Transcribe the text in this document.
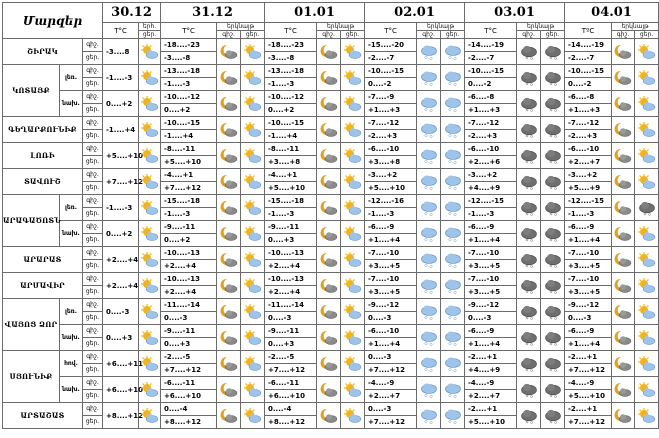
Մարզեր			30.12		31.12			01.01			02.01			03.01			04.01		
			T°C	երհ.	T°C	երկնայթ		T°C	երկնայթ		T°C	երկնայթ		T°C	երկնայթ		TºC	երկնայթ	
				ցեր.		գիշ.	ցեր.		գիշ.	ցեր.		գիշ.	ցեր.		գիշ.	ցեր.		գիշ.	ցեր.
ՇԻՐԱԿ		գիշ.	-3....8		-18....-23			-18....-23			-15....-20			-14....-19			-14....-19	

		ցեր.			-3....-8			-3....-8			-2....-7			-2....-7			-2....-7		
ԿՈՏԱՅՔ	լեռ.	գիշ.	-1....-3		-13....-18			-13....-18			-10....-15			-10....-15			-10....-15	

		ցեր.			-1....-3			-1....-3			0....-2			0....-2			0....-2		
	նախ.	գիշ.	0....+2		-10....-12			-10....-12			-7....-9			-6....-8			-6....-8	

		ցեր.			0....+2			0....+2			+1....+3			+1....+3			+1....+3		
ԳԵՂԱՐՔՈՒՆԻՔ		գիշ.	-1....+4		-10....-15			-10....-15			-7....-12			-7....-12			-7....-12	

		ցեր.			-1....+4			-1....+4			-2....+3			-2....+3			-2....+3		
ԼՈՌԻ		գիշ.	+5....+10		-8....-11			-8....-11			-6....-10			-6....-10			-6....-10	

		ցեր.			+5....+10			+3....+8			+3....+8			+2....+6			+2....+7		
ՏԱՎՈՒՇ		գիշ.	+7....+12		-4....+1			-4....+1			-3....+2			-3....+2			-3....+2	

		ցեր.			+7....+12			+5....+10			+5....+10			+4....+9			+5....+9		
ԱՐԱԳԱԾՈՏՆ	լեռ.	գիշ.	-1....-3		-15....-18			-15....-18			-12....-16			-12....-15			-12....-15	

		ցեր.			-1....-3			-1....-3			-1....-3			-1....-3			-1....-3		
	նախ.	գիշ.	0....+2		-9....-11			-9....-11			-6....-9			-6....-9			-6....-9	

		ցեր.			0....+2			0....+3			+1....+4			+1....+4			+1....+4		
ԱՐԱՐԱՏ		գիշ.	+2....+4		-10....-13			-10....-13			-7....-10			-7....-10			-7....-10	

		ցեր.			+2....+4			+2....+4			+3....+5			+3....+5			+3....+5		
ԱՐՄԱՎԻՐ		գիշ.	+2....+4		-10....-13			-10....-13			-7....-10			-7....-10			-7....-10	

		ցեր.			+2....+4			+2....+4			+3....+5			+3....+5			+3....+5		
ՎԱՅՈՑ ՁՈՐ	լեռ.	գիշ.	0....-3		-11....-14			-11....-14			-9....-12			-9....-12			-9....-12	

		ցեր.			0....-3			0....-3			0....-3			0....-3			0....-3		
	նախ.	գիշ.	0....+3		-9....-11			-9....-11			-6....-10			-6....-9			-6....-9	

		ցեր.			0....+3			0....+3			+1....+4			+1....+4			+1....+4		
ՍՅՈՒՆԻՔ	հով.	գիշ.	+6....+11		-2....-5			-2....-5			0....-3			-2....+1			-2....+1	

		ցեր.			+7....+12			+7....+12			+7....+12			+4....+9			+7....+12		
	նախ.	գիշ.	+6....+10		-6....-11			-6....-11			-4....-9			-4....-9			-4....-9	

		ցեր.			+6....+10			+6....+10			+2....+7			+2....+7			+5....+10		
ԱՐՏԱՇԱՏ		գիշ.	+8....+12		0....-4			0....-4			0....-3			-2....+1			-2....+1	

		ցեր.			+8....+12			+8....+12			+7....+12			+5....+10			+7....+12		
